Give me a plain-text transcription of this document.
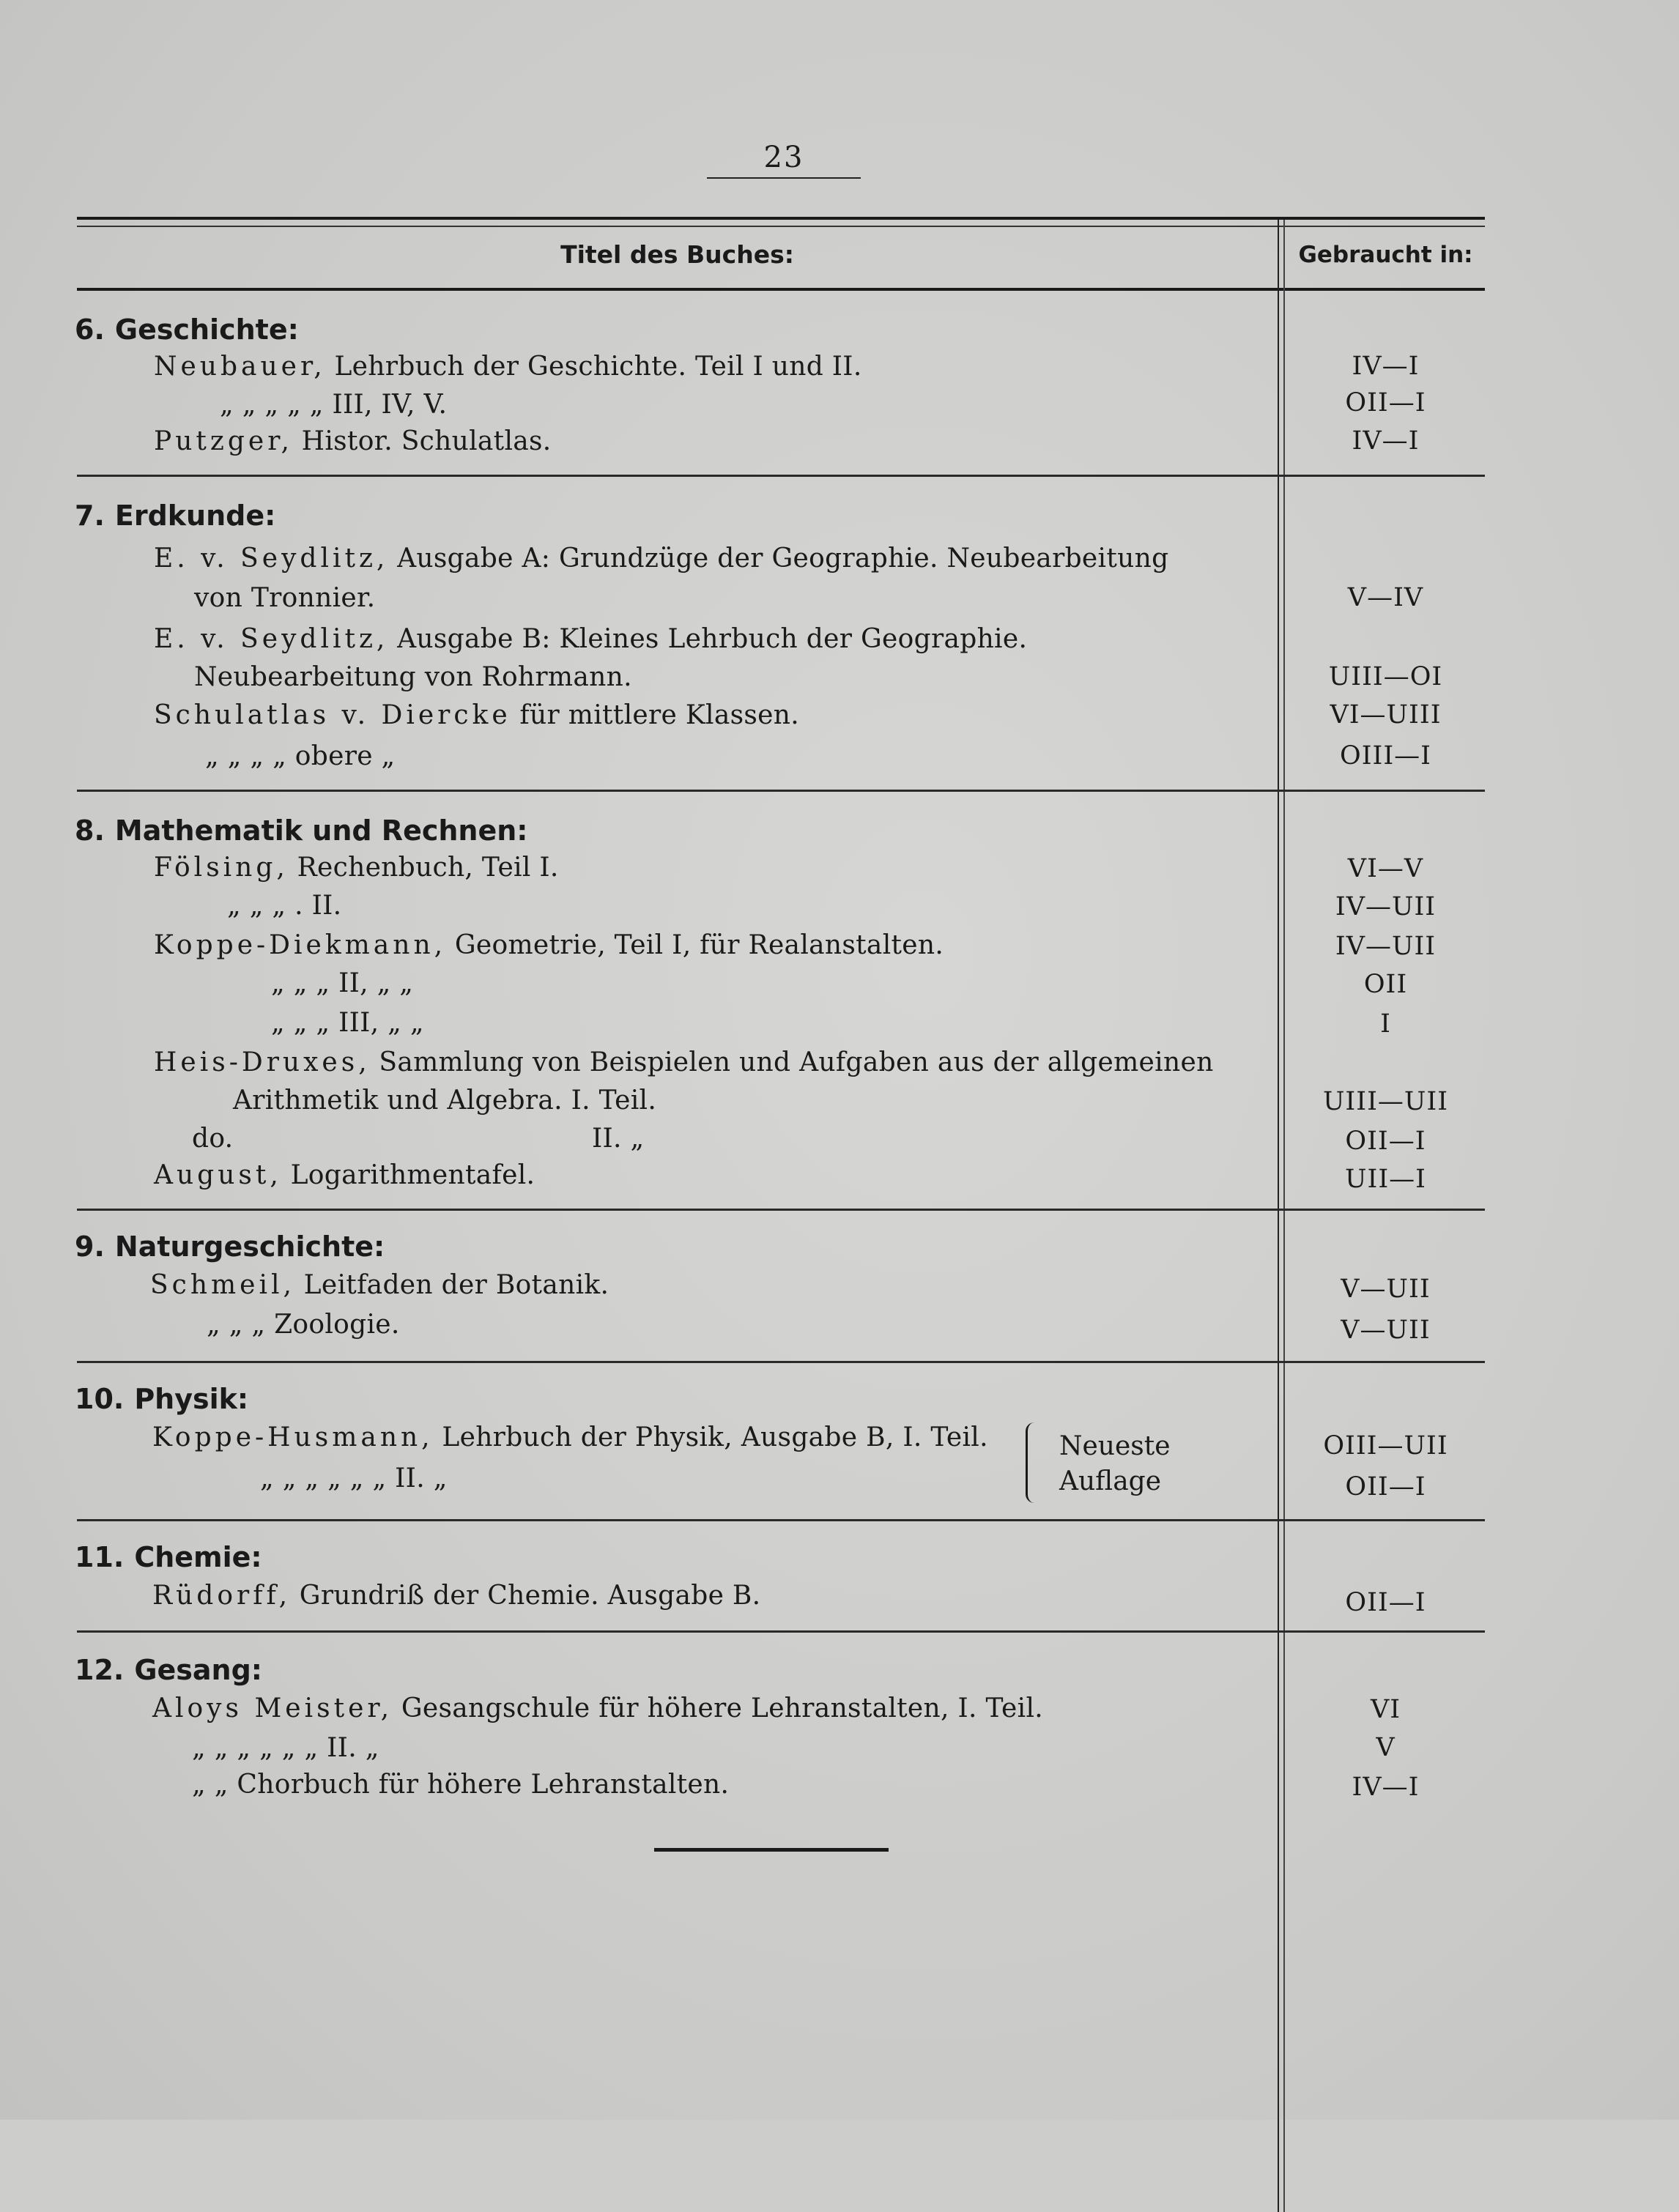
23
Titel des Buches:	Gebraucht in:
6. Geschichte:
Neubauer, Lehrbuch der Geschichte. Teil I und II.	IV—I
„ „ „ „ „ III, IV, V.	OII—I
Putzger, Histor. Schulatlas.	IV—I
7. Erdkunde:
E. v. Seydlitz, Ausgabe A: Grundzüge der Geographie. Neubearbeitung
von Tronnier.	V—IV
E. v. Seydlitz, Ausgabe B: Kleines Lehrbuch der Geographie.
Neubearbeitung von Rohrmann.	UIII—OI
Schulatlas v. Diercke für mittlere Klassen.	VI—UIII
„ „ „ „ obere „	OIII—I
8. Mathematik und Rechnen:
Fölsing, Rechenbuch, Teil I.	VI—V
„ „ „ . II.	IV—UII
Koppe-Diekmann, Geometrie, Teil I, für Realanstalten.	IV—UII
„ „ „ II, „ „	OII
„ „ „ III, „ „	I
Heis-Druxes, Sammlung von Beispielen und Aufgaben aus der allgemeinen
Arithmetik und Algebra. I. Teil.	UIII—UII
do.	II. „	OII—I
August, Logarithmentafel.	UII—I
9. Naturgeschichte:
Schmeil, Leitfaden der Botanik.	V—UII
„ „ „ Zoologie.	V—UII
10. Physik:
Koppe-Husmann, Lehrbuch der Physik, Ausgabe B, I. Teil.	OIII—UII
„ „ „ „ „ „ II. „	OII—I
Neueste
Auflage
11. Chemie:
Rüdorff, Grundriß der Chemie. Ausgabe B.	OII—I
12. Gesang:
Aloys Meister, Gesangschule für höhere Lehranstalten, I. Teil.	VI
„ „ „ „ „ „ II. „	V
„ „ Chorbuch für höhere Lehranstalten.	IV—I
